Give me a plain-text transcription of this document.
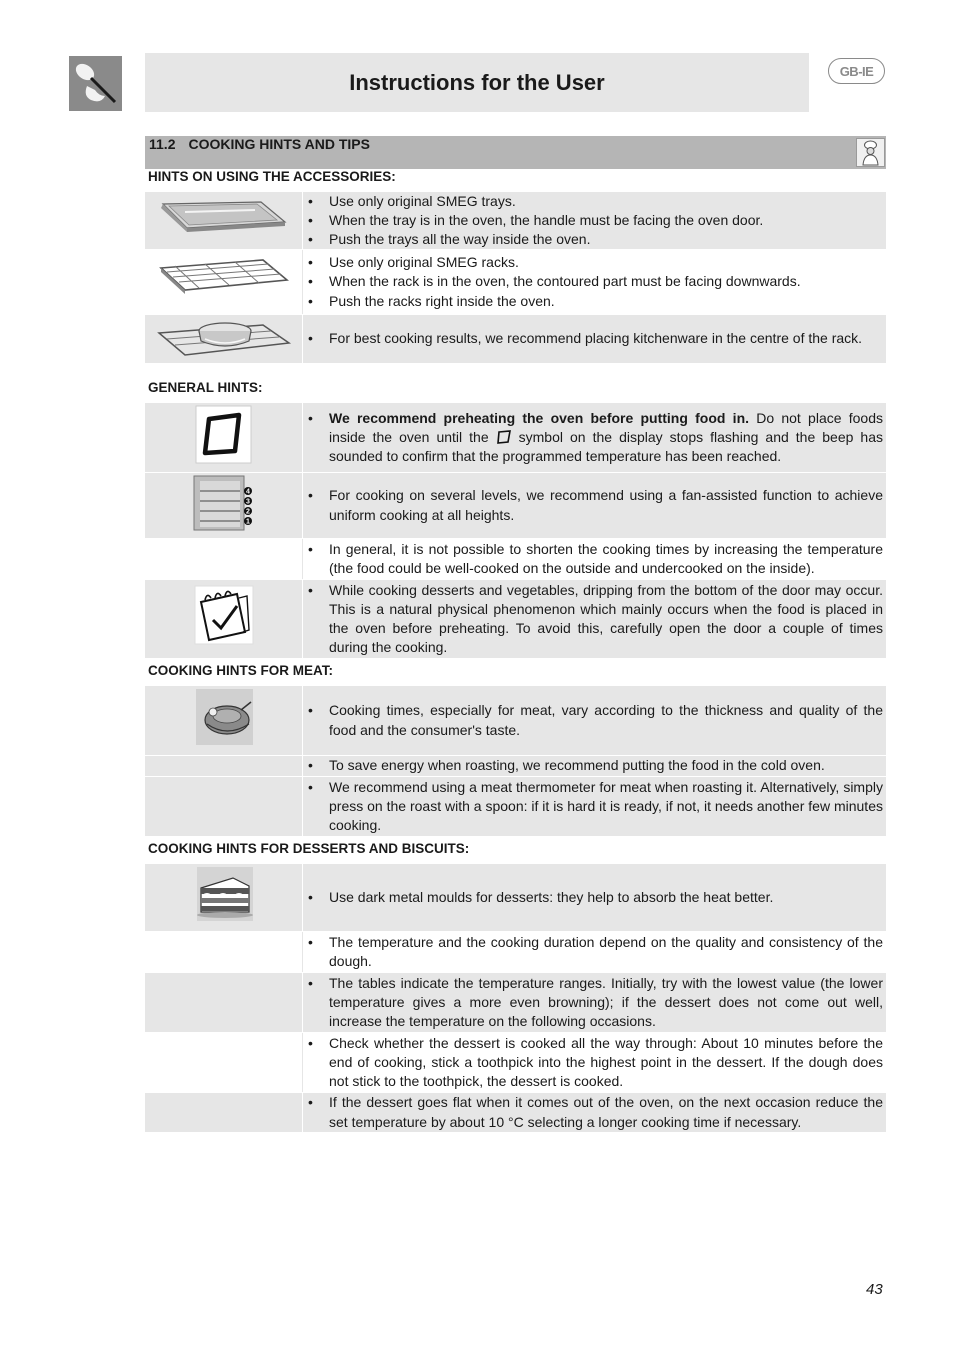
Instructions for the User	GB-IE
11.2 COOKING HINTS AND TIPS
HINTS ON USING THE ACCESSORIES:
• Use only original SMEG trays.
• When the tray is in the oven, the handle must be facing the oven door.
• Push the trays all the way inside the oven.
• Use only original SMEG racks.
• When the rack is in the oven, the contoured part must be facing downwards.
• Push the racks right inside the oven.
• For best cooking results, we recommend placing kitchenware in the centre of the rack.
GENERAL HINTS:
• We recommend preheating the oven before putting food in. Do not place foods inside the oven until the
symbol on the display stops flashing and the beep has sounded to confirm that the programmed temperature has been reached.
4
3
2
1
• For cooking on several levels, we recommend using a fan-assisted function to achieve uniform cooking at all heights.
• In general, it is not possible to shorten the cooking times by increasing the temperature (the food could be well-cooked on the outside and undercooked on the inside).
• While cooking desserts and vegetables, dripping from the bottom of the door may occur. This is a natural physical phenomenon which mainly occurs when the food is placed in the oven before preheating. To avoid this, carefully open the door a couple of times during the cooking.
COOKING HINTS FOR MEAT:
• Cooking times, especially for meat, vary according to the thickness and quality of the food and the consumer's taste.
• To save energy when roasting, we recommend putting the food in the cold oven.
• We recommend using a meat thermometer for meat when roasting it. Alternatively, simply press on the roast with a spoon: if it is hard it is ready, if not, it needs another few minutes cooking.
COOKING HINTS FOR DESSERTS AND BISCUITS:
• Use dark metal moulds for desserts: they help to absorb the heat better.
• The temperature and the cooking duration depend on the quality and consistency of the dough.
• The tables indicate the temperature ranges. Initially, try with the lowest value (the lower temperature gives a more even browning); if the dessert does not come out well, increase the temperature on the following occasions.
• Check whether the dessert is cooked all the way through: About 10 minutes before the end of cooking, stick a toothpick into the highest point in the dessert. If the dough does not stick to the toothpick, the dessert is cooked.
• If the dessert goes flat when it comes out of the oven, on the next occasion reduce the set temperature by about 10 °C selecting a longer cooking time if necessary.
43
